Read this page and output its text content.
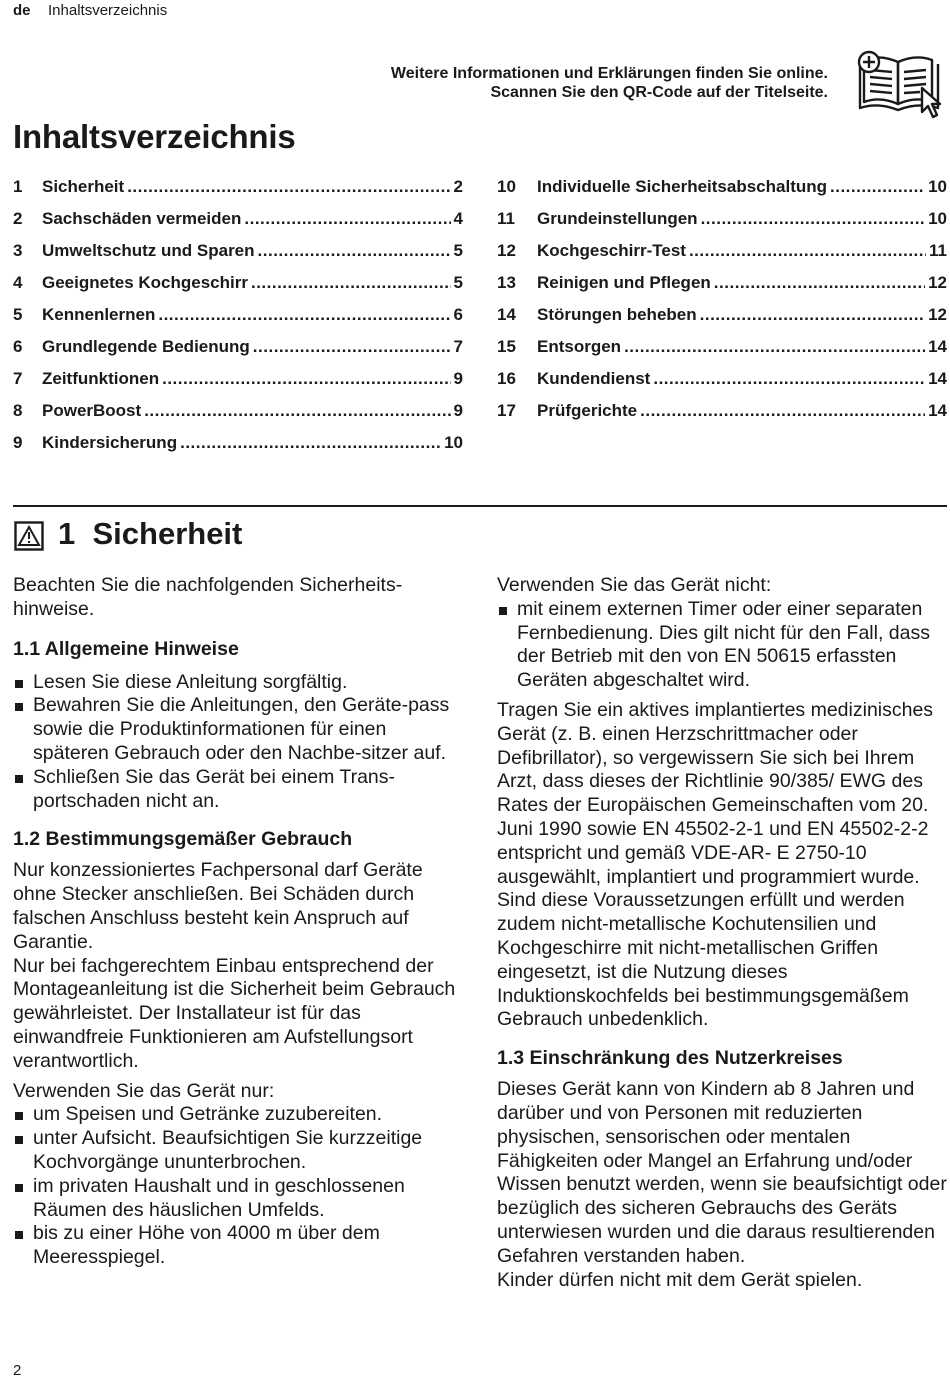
de Inhaltsverzeichnis
Weitere Informationen und Erklärungen finden Sie online.
Scannen Sie den QR-Code auf der Titelseite.
Inhaltsverzeichnis
1	Sicherheit .....	2
2	Sachschäden vermeiden .....	4
3	Umweltschutz und Sparen .....	5
4	Geeignetes Kochgeschirr .....	5
5	Kennenlernen .....	6
6	Grundlegende Bedienung .....	7
7	Zeitfunktionen .....	9
8	PowerBoost .....	9
9	Kindersicherung .....	10
10	Individuelle Sicherheitsabschaltung .....	10
11	Grundeinstellungen .....	10
12	Kochgeschirr-Test .....	11
13	Reinigen und Pflegen .....	12
14	Störungen beheben .....	12
15	Entsorgen .....	14
16	Kundendienst .....	14
17	Prüfgerichte .....	14
1 Sicherheit

Beachten Sie die nachfolgenden Sicherheits-hinweise.

1.1 Allgemeine Hinweise
Lesen Sie diese Anleitung sorgfältig.
Bewahren Sie die Anleitungen, den Geräte-pass sowie die Produktinformationen für einen späteren Gebrauch oder den Nachbe-sitzer auf.
Schließen Sie das Gerät bei einem Trans-portschaden nicht an.
1.2 Bestimmungsgemäßer Gebrauch

Nur konzessioniertes Fachpersonal darf Geräte ohne Stecker anschließen. Bei Schäden durch falschen Anschluss besteht kein Anspruch auf Garantie.

Nur bei fachgerechtem Einbau entsprechend der Montageanleitung ist die Sicherheit beim Gebrauch gewährleistet. Der Installateur ist für das einwandfreie Funktionieren am Aufstellungsort verantwortlich.

Verwenden Sie das Gerät nur:

um Speisen und Getränke zuzubereiten.
unter Aufsicht. Beaufsichtigen Sie kurzzeitige Kochvorgänge ununterbrochen.
im privaten Haushalt und in geschlossenen Räumen des häuslichen Umfelds.
bis zu einer Höhe von 4000 m über dem Meeresspiegel.

Verwenden Sie das Gerät nicht:

mit einem externen Timer oder einer separaten Fernbedienung. Dies gilt nicht für den Fall, dass der Betrieb mit den von EN 50615 erfassten Geräten abgeschaltet wird.

Tragen Sie ein aktives implantiertes medizinisches Gerät (z. B. einen Herzschrittmacher oder Defibrillator), so vergewissern Sie sich bei Ihrem Arzt, dass dieses der Richtlinie 90/385/ EWG des Rates der Europäischen Gemeinschaften vom 20. Juni 1990 sowie EN 45502-2-1 und EN 45502-2-2 entspricht und gemäß VDE-AR- E 2750-10 ausgewählt, implantiert und programmiert wurde. Sind diese Voraussetzungen erfüllt und werden zudem nicht-metallische Kochutensilien und Kochgeschirre mit nicht-metallischen Griffen eingesetzt, ist die Nutzung dieses Induktionskochfelds bei bestimmungsgemäßem Gebrauch unbedenklich.

1.3 Einschränkung des Nutzerkreises

Dieses Gerät kann von Kindern ab 8 Jahren und darüber und von Personen mit reduzierten physischen, sensorischen oder mentalen Fähigkeiten oder Mangel an Erfahrung und/oder Wissen benutzt werden, wenn sie beaufsichtigt oder bezüglich des sicheren Gebrauchs des Geräts unterwiesen wurden und die daraus resultierenden Gefahren verstanden haben.

Kinder dürfen nicht mit dem Gerät spielen.

2
